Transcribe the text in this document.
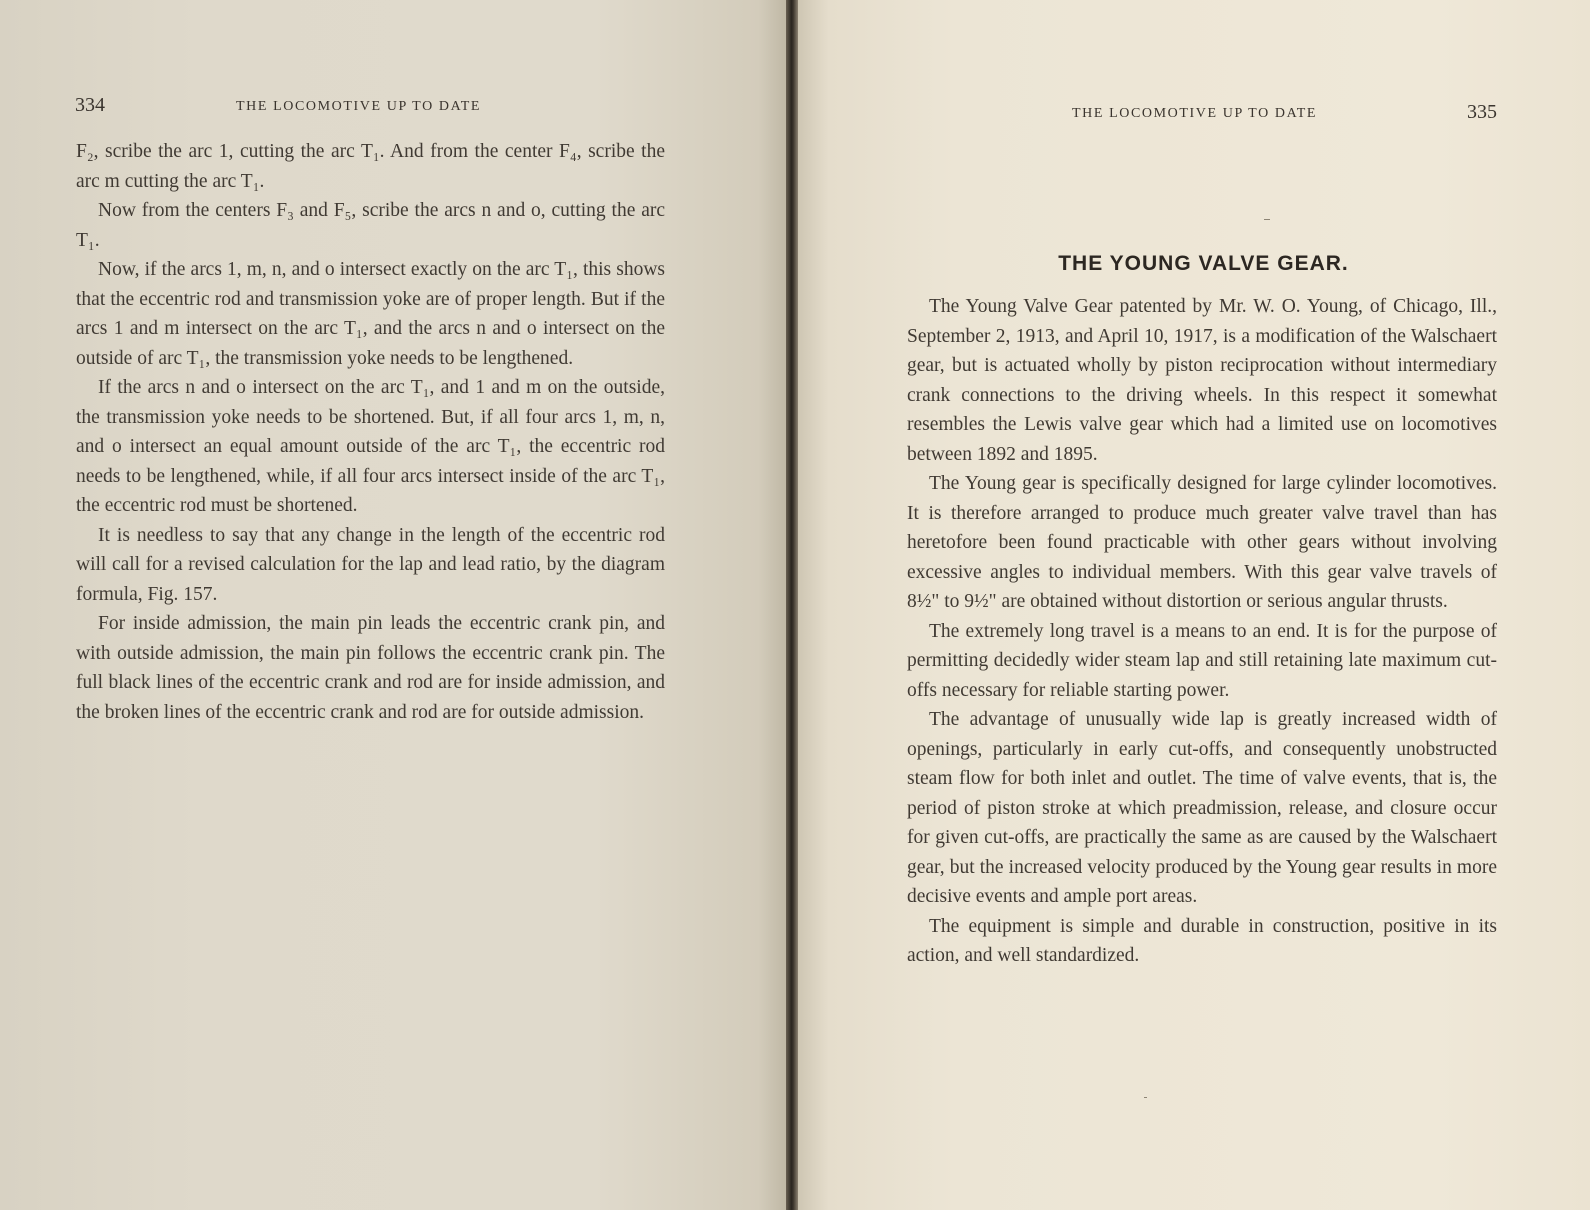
334	THE LOCOMOTIVE UP TO DATE

F₂, scribe the arc 1, cutting the arc T₁. And from the center F₄, scribe the arc m cutting the arc T₁.

Now from the centers F₃ and F₅, scribe the arcs n and o, cutting the arc T₁.

Now, if the arcs 1, m, n, and o intersect exactly on the arc T₁, this shows that the eccentric rod and transmission yoke are of proper length. But if the arcs 1 and m intersect on the arc T₁, and the arcs n and o intersect on the outside of arc T₁, the transmission yoke needs to be lengthened.

If the arcs n and o intersect on the arc T₁, and 1 and m on the outside, the transmission yoke needs to be shortened. But, if all four arcs 1, m, n, and o intersect an equal amount outside of the arc T₁, the eccentric rod needs to be lengthened, while, if all four arcs intersect inside of the arc T₁, the eccentric rod must be shortened.

It is needless to say that any change in the length of the eccentric rod will call for a revised calculation for the lap and lead ratio, by the diagram formula, Fig. 157.

For inside admission, the main pin leads the eccentric crank pin, and with outside admission, the main pin follows the eccentric crank pin. The full black lines of the eccentric crank and rod are for inside admission, and the broken lines of the eccentric crank and rod are for outside admission.

THE LOCOMOTIVE UP TO DATE	335
THE YOUNG VALVE GEAR.

The Young Valve Gear patented by Mr. W. O. Young, of Chicago, Ill., September 2, 1913, and April 10, 1917, is a modification of the Walschaert gear, but is actuated wholly by piston reciprocation without intermediary crank connections to the driving wheels. In this respect it somewhat resembles the Lewis valve gear which had a limited use on locomotives between 1892 and 1895.

The Young gear is specifically designed for large cylinder locomotives. It is therefore arranged to produce much greater valve travel than has heretofore been found practicable with other gears without involving excessive angles to individual members. With this gear valve travels of 8½" to 9½" are obtained without distortion or serious angular thrusts.

The extremely long travel is a means to an end. It is for the purpose of permitting decidedly wider steam lap and still retaining late maximum cut-offs necessary for reliable starting power.

The advantage of unusually wide lap is greatly increased width of openings, particularly in early cut-offs, and consequently unobstructed steam flow for both inlet and outlet. The time of valve events, that is, the period of piston stroke at which preadmission, release, and closure occur for given cut-offs, are practically the same as are caused by the Walschaert gear, but the increased velocity produced by the Young gear results in more decisive events and ample port areas.

The equipment is simple and durable in construction, positive in its action, and well standardized.
